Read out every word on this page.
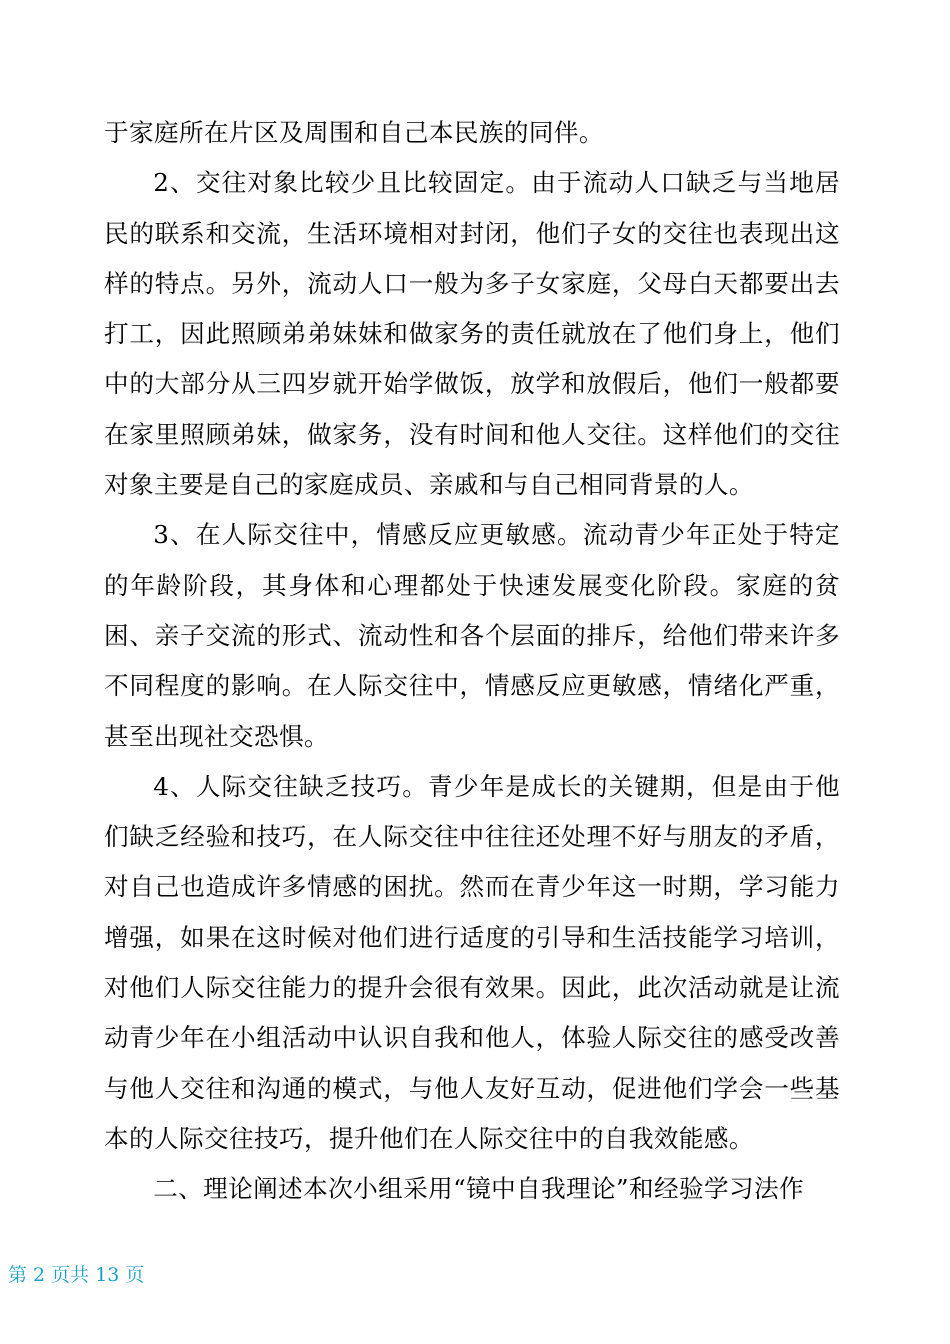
于家庭所在片区及周围和自己本民族的同伴。

2、交往对象比较少且比较固定。由于流动人口缺乏与当地居民的联系和交流，生活环境相对封闭，他们子女的交往也表现出这样的特点。另外，流动人口一般为多子女家庭，父母白天都要出去打工，因此照顾弟弟妹妹和做家务的责任就放在了他们身上，他们中的大部分从三四岁就开始学做饭，放学和放假后，他们一般都要在家里照顾弟妹，做家务，没有时间和他人交往。这样他们的交往对象主要是自己的家庭成员、亲戚和与自己相同背景的人。

3、在人际交往中，情感反应更敏感。流动青少年正处于特定的年龄阶段，其身体和心理都处于快速发展变化阶段。家庭的贫困、亲子交流的形式、流动性和各个层面的排斥，给他们带来许多不同程度的影响。在人际交往中，情感反应更敏感，情绪化严重，甚至出现社交恐惧。

4、人际交往缺乏技巧。青少年是成长的关键期，但是由于他们缺乏经验和技巧，在人际交往中往往还处理不好与朋友的矛盾，对自己也造成许多情感的困扰。然而在青少年这一时期，学习能力增强，如果在这时候对他们进行适度的引导和生活技能学习培训，对他们人际交往能力的提升会很有效果。因此，此次活动就是让流动青少年在小组活动中认识自我和他人，体验人际交往的感受改善与他人交往和沟通的模式，与他人友好互动，促进他们学会一些基本的人际交往技巧，提升他们在人际交往中的自我效能感。

二、理论阐述本次小组采用“镜中自我理论”和经验学习法作

第 2 页共 13 页
